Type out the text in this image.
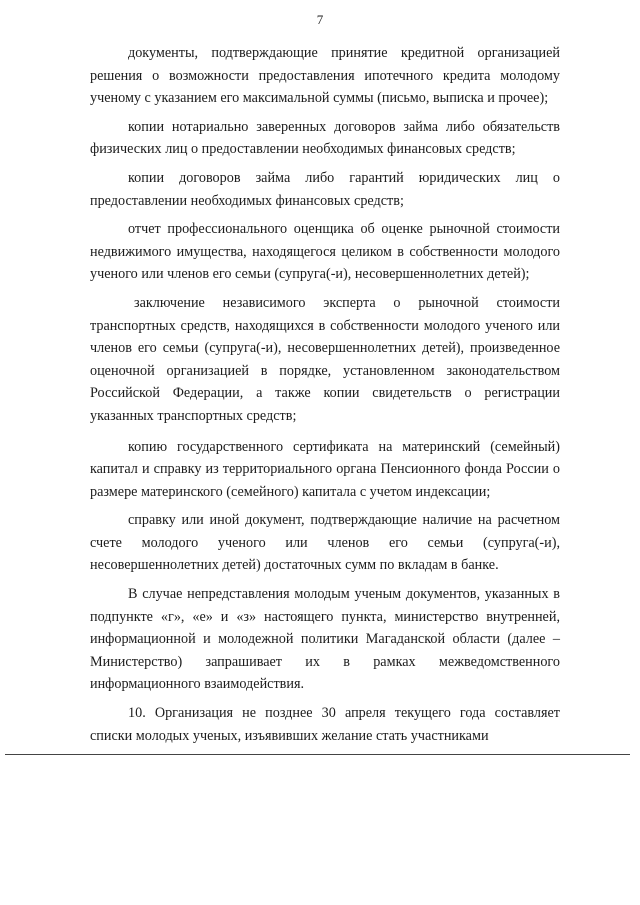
7

документы, подтверждающие принятие кредитной организацией решения о возможности предоставления ипотечного кредита молодому ученому с указанием его максимальной суммы (письмо, выписка и прочее);

копии нотариально заверенных договоров займа либо обязательств физических лиц о предоставлении необходимых финансовых средств;

копии договоров займа либо гарантий юридических лиц о предоставлении необходимых финансовых средств;

отчет профессионального оценщика об оценке рыночной стоимости недвижимого имущества, находящегося целиком в собственности молодого ученого или членов его семьи (супруга(-и), несовершеннолетних детей);

заключение независимого эксперта о рыночной стоимости транспортных средств, находящихся в собственности молодого ученого или членов его семьи (супруга(-и), несовершеннолетних детей), произведенное оценочной организацией в порядке, установленном законодательством Российской Федерации, а также копии свидетельств о регистрации указанных транспортных средств;

копию государственного сертификата на материнский (семейный) капитал и справку из территориального органа Пенсионного фонда России о размере материнского (семейного) капитала с учетом индексации;

справку или иной документ, подтверждающие наличие на расчетном счете молодого ученого или членов его семьи (супруга(-и), несовершеннолетних детей) достаточных сумм по вкладам в банке.

В случае непредставления молодым ученым документов, указанных в подпункте «г», «е» и «з» настоящего пункта, министерство внутренней, информационной и молодежной политики Магаданской области (далее – Министерство) запрашивает их в рамках межведомственного информационного взаимодействия.

10. Организация не позднее 30 апреля текущего года составляет списки молодых ученых, изъявивших желание стать участниками
